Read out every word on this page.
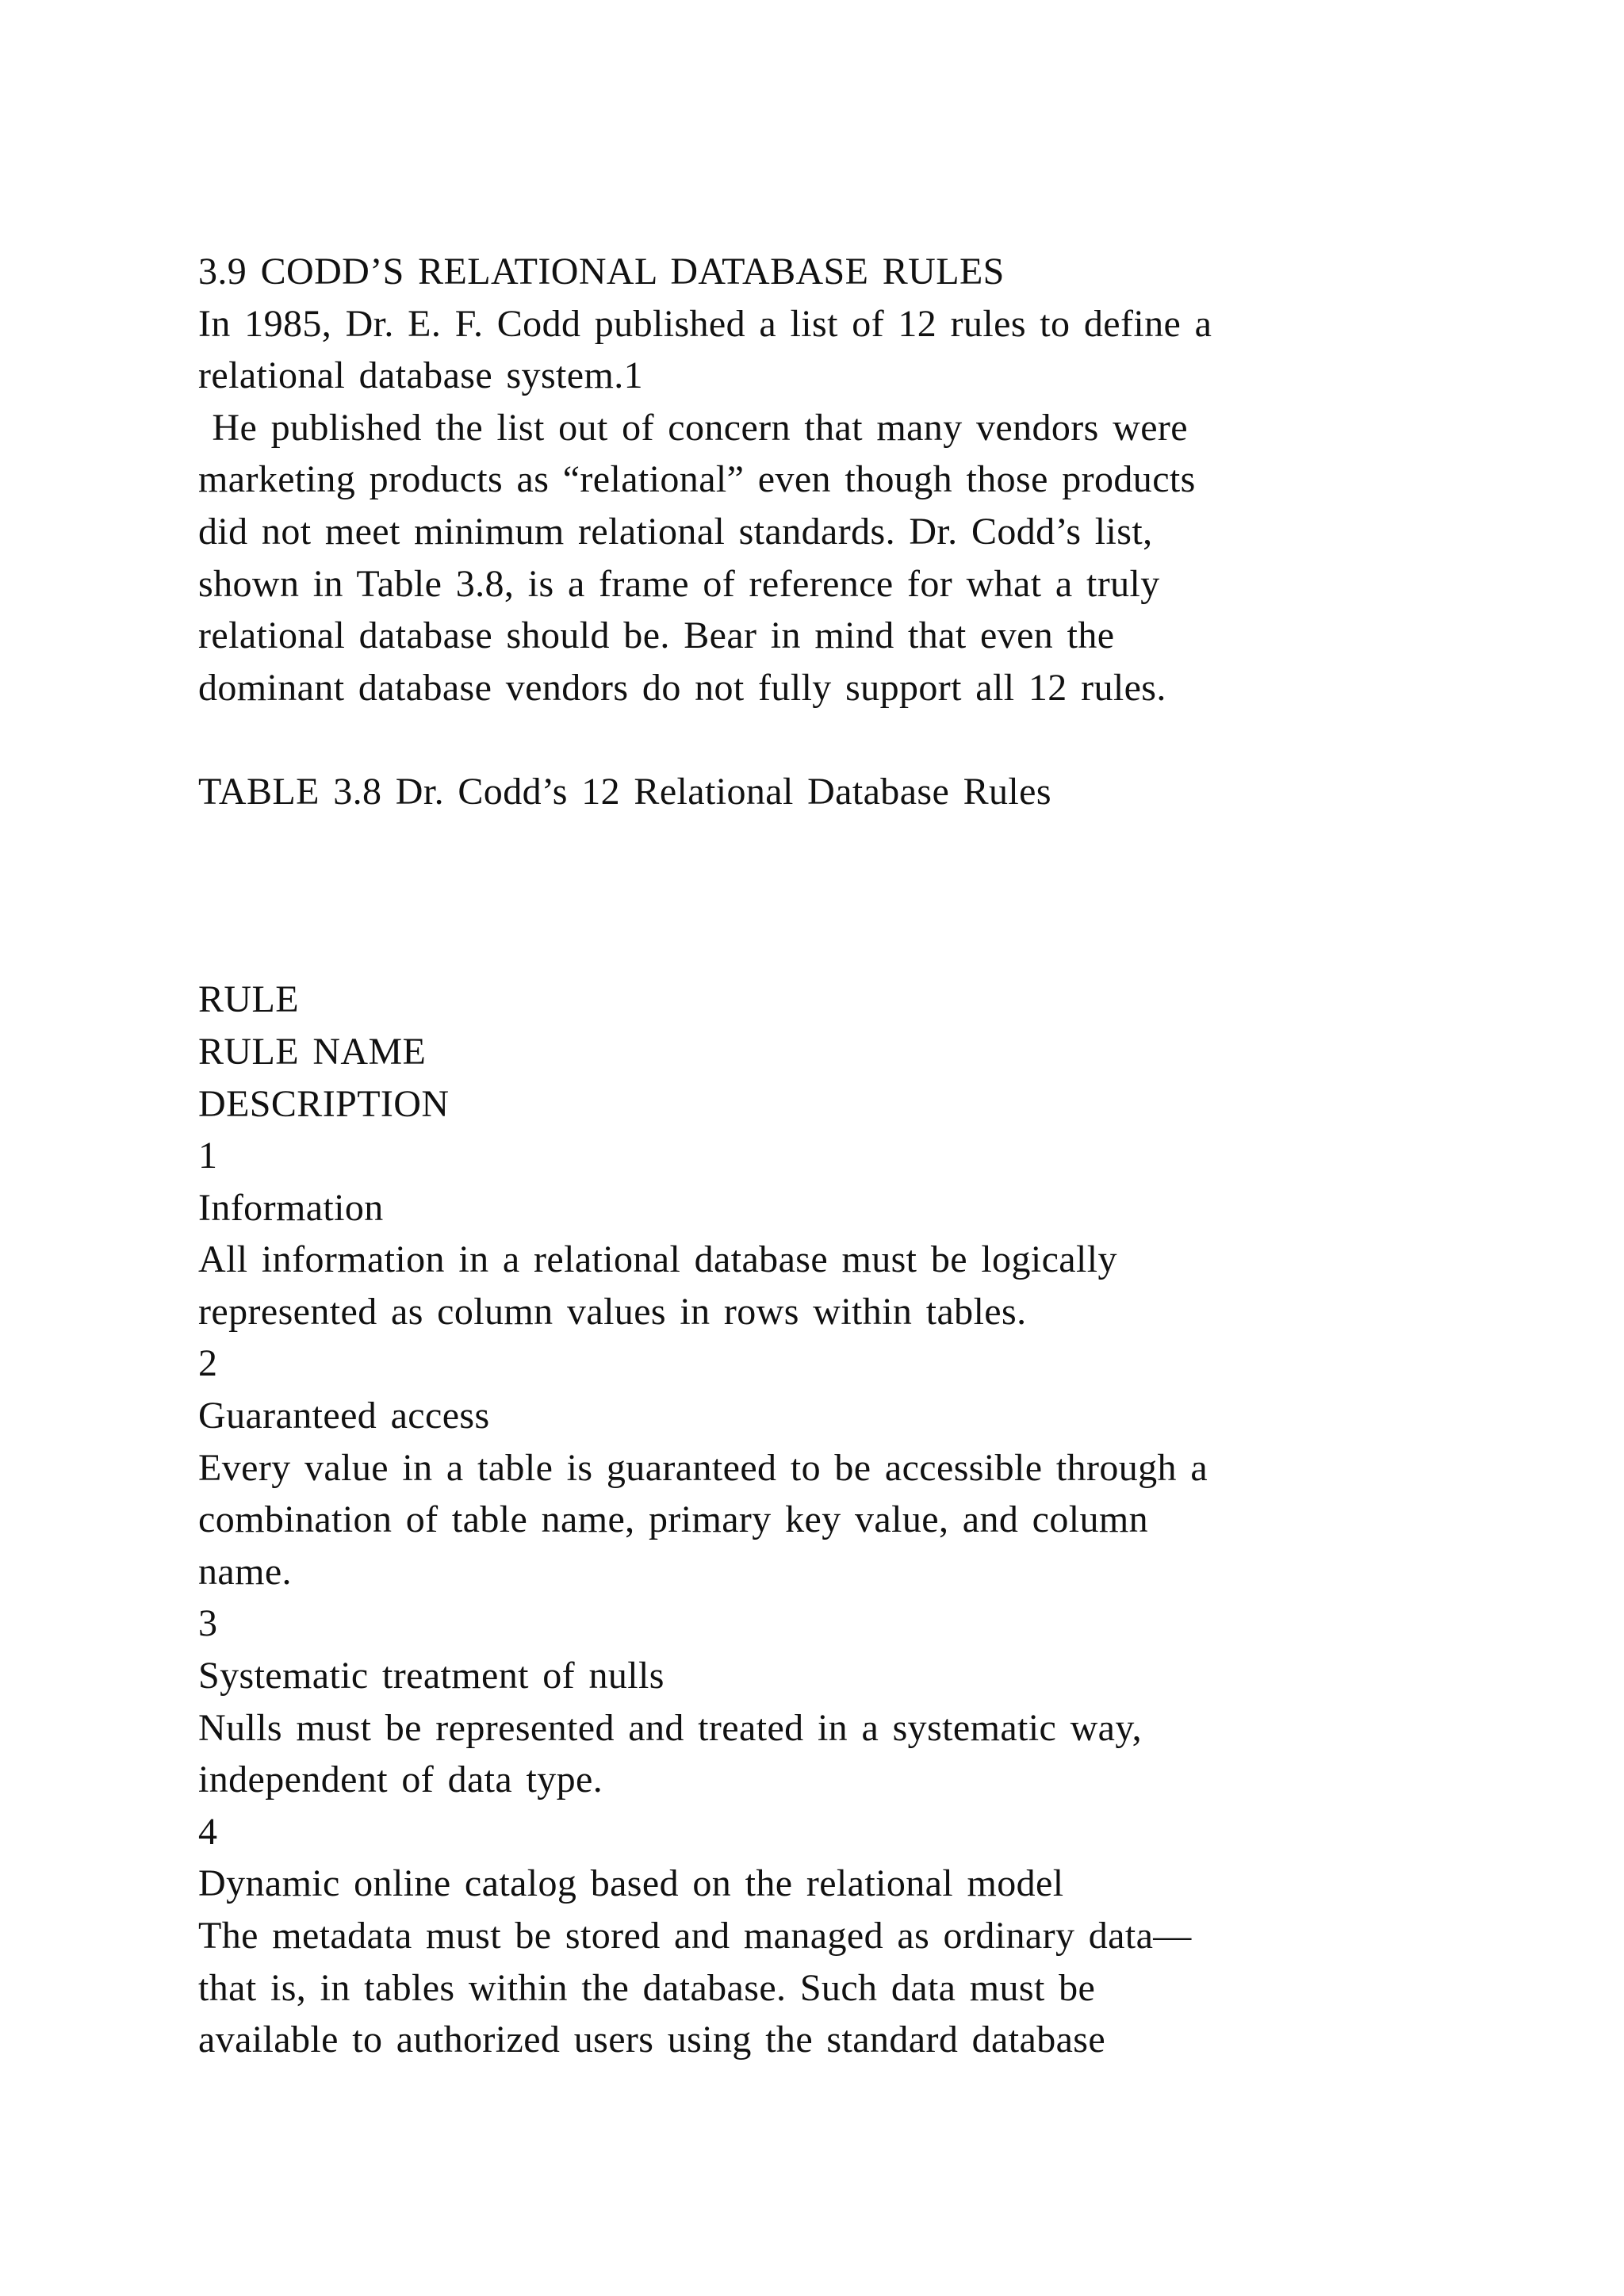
3.9 CODD’S RELATIONAL DATABASE RULES
In 1985, Dr. E. F. Codd published a list of 12 rules to define a
relational database system.1
He published the list out of concern that many vendors were
marketing products as “relational” even though those products
did not meet minimum relational standards. Dr. Codd’s list,
shown in Table 3.8, is a frame of reference for what a truly
relational database should be. Bear in mind that even the
dominant database vendors do not fully support all 12 rules.
TABLE 3.8 Dr. Codd’s 12 Relational Database Rules
RULE
RULE NAME
DESCRIPTION
1
Information
All information in a relational database must be logically
represented as column values in rows within tables.
2
Guaranteed access
Every value in a table is guaranteed to be accessible through a
combination of table name, primary key value, and column
name.
3
Systematic treatment of nulls
Nulls must be represented and treated in a systematic way,
independent of data type.
4
Dynamic online catalog based on the relational model
The metadata must be stored and managed as ordinary data—
that is, in tables within the database. Such data must be
available to authorized users using the standard database
